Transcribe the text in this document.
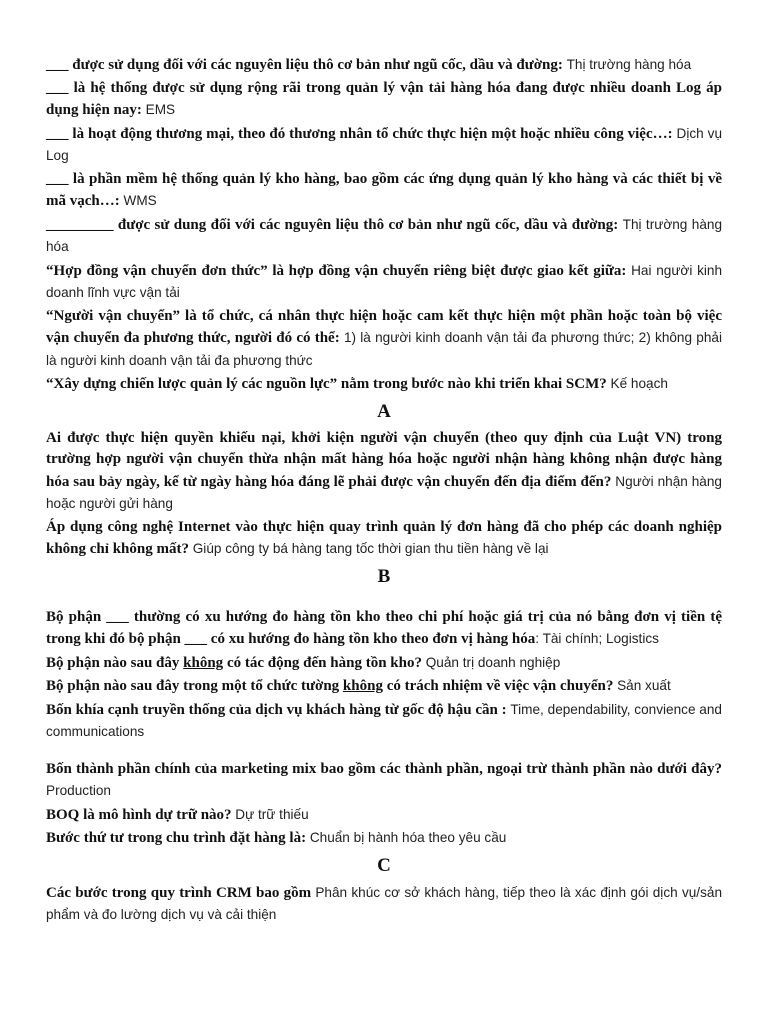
___ được sử dụng đối với các nguyên liệu thô cơ bản như ngũ cốc, dầu và đường: Thị trường hàng hóa

___ là hệ thống được sử dụng rộng rãi trong quản lý vận tải hàng hóa đang được nhiều doanh Log áp dụng hiện nay: EMS

___ là hoạt động thương mại, theo đó thương nhân tổ chức thực hiện một hoặc nhiều công việc…: Dịch vụ Log

___ là phần mềm hệ thống quản lý kho hàng, bao gồm các ứng dụng quản lý kho hàng và các thiết bị về mã vạch…: WMS

_________ được sử dung đối với các nguyên liệu thô cơ bản như ngũ cốc, dầu và đường: Thị trường hàng hóa

“Hợp đồng vận chuyển đơn thức” là hợp đồng vận chuyển riêng biệt được giao kết giữa: Hai người kinh doanh lĩnh vực vận tải

“Người vận chuyển” là tổ chức, cá nhân thực hiện hoặc cam kết thực hiện một phần hoặc toàn bộ việc vận chuyển đa phương thức, người đó có thể: 1) là người kinh doanh vận tải đa phương thức; 2) không phải là người kinh doanh vận tải đa phương thức

“Xây dựng chiến lược quản lý các nguồn lực” nằm trong bước nào khi triển khai SCM? Kế hoạch

A

Ai được thực hiện quyền khiếu nại, khởi kiện người vận chuyển (theo quy định của Luật VN) trong trường hợp người vận chuyển thừa nhận mất hàng hóa hoặc người nhận hàng không nhận được hàng hóa sau bảy ngày, kể từ ngày hàng hóa đáng lẽ phải được vận chuyển đến địa điểm đến? Người nhận hàng hoặc người gửi hàng

Áp dụng công nghệ Internet vào thực hiện quay trình quản lý đơn hàng đã cho phép các doanh nghiệp không chỉ không mất? Giúp công ty bá hàng tang tốc thời gian thu tiền hàng về lại

B

Bộ phận ___ thường có xu hướng đo hàng tồn kho theo chi phí hoặc giá trị của nó bằng đơn vị tiền tệ trong khi đó bộ phận ___ có xu hướng đo hàng tồn kho theo đơn vị hàng hóa: Tài chính; Logistics

Bộ phận nào sau đây không có tác động đến hàng tồn kho? Quản trị doanh nghiệp

Bộ phận nào sau đây trong một tổ chức tường không có trách nhiệm về việc vận chuyển? Sản xuất

Bốn khía cạnh truyền thống của dịch vụ khách hàng từ gốc độ hậu cần : Time, dependability, convience and communications

Bốn thành phần chính của marketing mix bao gồm các thành phần, ngoại trừ thành phần nào dưới đây? Production

BOQ là mô hình dự trữ nào? Dự trữ thiếu

Bước thứ tư trong chu trình đặt hàng là: Chuẩn bị hành hóa theo yêu cầu

C

Các bước trong quy trình CRM bao gồm Phân khúc cơ sở khách hàng, tiếp theo là xác định gói dịch vụ/sản phẩm và đo lường dịch vụ và cải thiện
